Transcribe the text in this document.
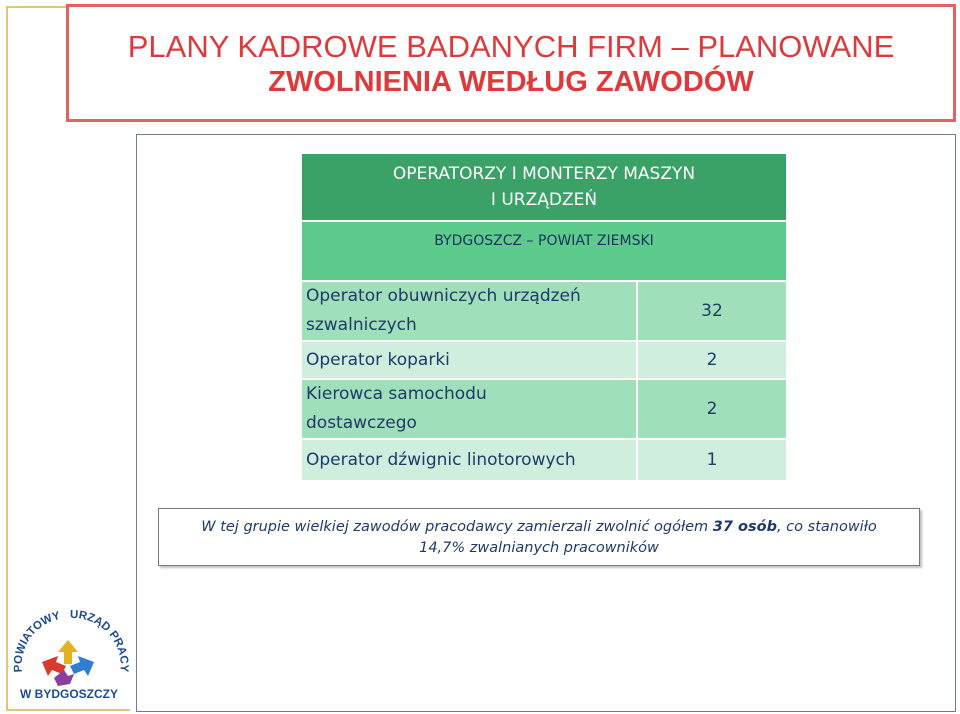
PLANY KADROWE BADANYCH FIRM – PLANOWANE
ZWOLNIENIA WEDŁUG ZAWODÓW
OPERATORZY I MONTERZY MASZYN
I URZĄDZEŃ	

BYDGOSZCZ – POWIAT ZIEMSKI	

Operator obuwniczych urządzeń
szwalniczych	32

Operator koparki	2

Kierowca samochodu
dostawczego	2

Operator dźwignic linotorowych	1
W tej grupie wielkiej zawodów pracodawcy zamierzali zwolnić ogółem 37 osób, co stanowiło
14,7% zwalnianych pracowników
POWIATOWY URZĄD PRACY
W BYDGOSZCZY
